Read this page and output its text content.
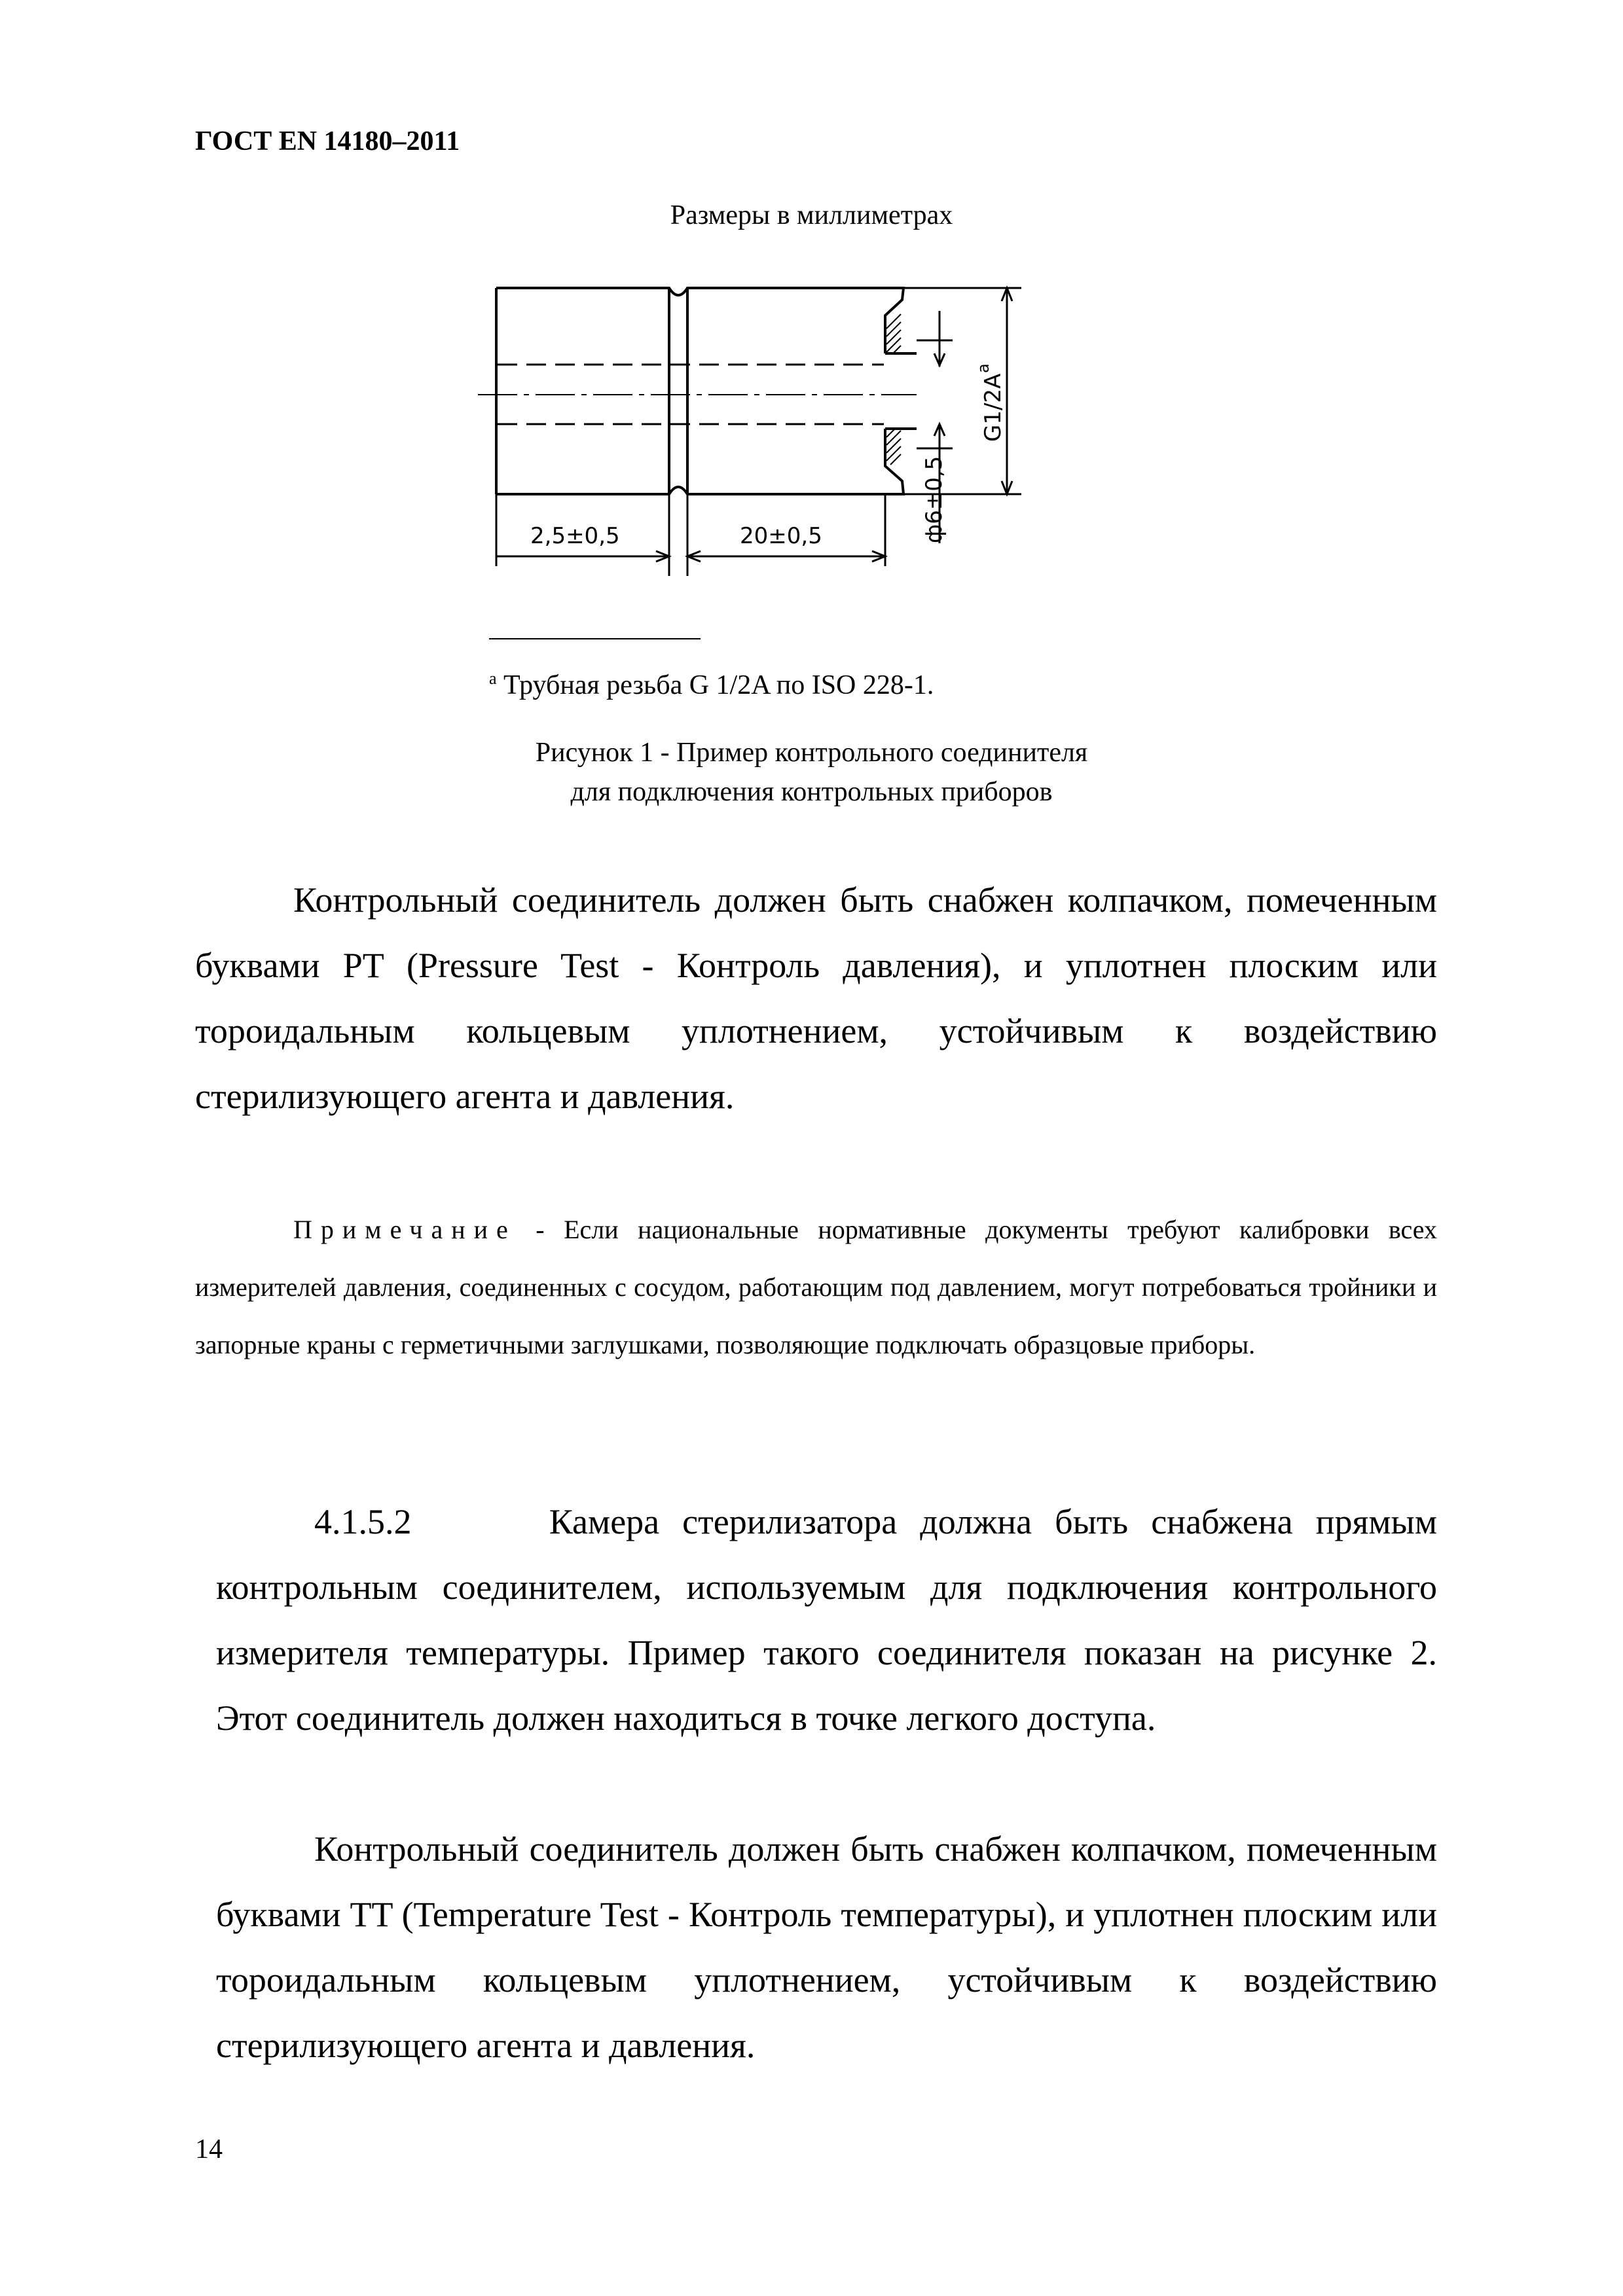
ГОСТ EN 14180–2011
Размеры в миллиметрах
2,5±0,5	20±0,5	ф6±0,5
G1/2A
a
$^a$ Трубная резьба G 1/2A по ISO 228-1.
Рисунок 1 - Пример контрольного соединителя
для подключения контрольных приборов
Контрольный соединитель должен быть снабжен колпачком, помеченным буквами PT (Pressure Test - Контроль давления), и уплотнен плоским или тороидальным кольцевым уплотнением, устойчивым к воздействию стерилизующего агента и давления.
Примечание - Если национальные нормативные документы требуют калибровки всех измерителей давления, соединенных с сосудом, работающим под давлением, могут потребоваться тройники и запорные краны с герметичными заглушками, позволяющие подключать образцовые приборы.
4.1.5.2	Камера стерилизатора должна быть снабжена прямым контрольным соединителем, используемым для подключения контрольного измерителя температуры. Пример такого соединителя показан на рисунке 2. Этот соединитель должен находиться в точке легкого доступа.
Контрольный соединитель должен быть снабжен колпачком, помеченным буквами TT (Temperature Test - Контроль температуры), и уплотнен плоским или тороидальным кольцевым уплотнением, устойчивым к воздействию стерилизующего агента и давления.
14
